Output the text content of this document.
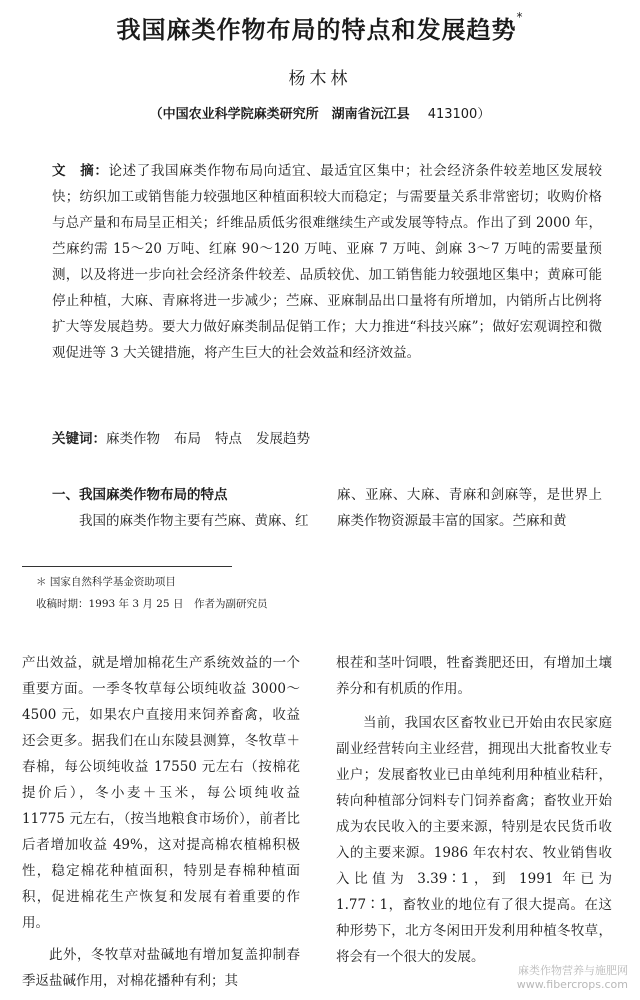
我国麻类作物布局的特点和发展趋势*
杨木林
（中国农业科学院麻类研究所　湖南省沅江县 413100）
文　摘：论述了我国麻类作物布局向适宜、最适宜区集中；社会经济条件较差地区发展较快；纺织加工或销售能力较强地区种植面积较大而稳定；与需要量关系非常密切；收购价格与总产量和布局呈正相关；纤维品质低劣很难继续生产或发展等特点。作出了到 2000 年，苎麻约需 15～20 万吨、红麻 90～120 万吨、亚麻 7 万吨、剑麻 3～7 万吨的需要量预测，以及将进一步向社会经济条件较差、品质较优、加工销售能力较强地区集中；黄麻可能停止种植，大麻、青麻将进一步减少；苎麻、亚麻制品出口量将有所增加，内销所占比例将扩大等发展趋势。要大力做好麻类制品促销工作；大力推进“科技兴麻”；做好宏观调控和微观促进等 3 大关键措施，将产生巨大的社会效益和经济效益。
关键词：麻类作物 布局 特点 发展趋势

一、我国麻类作物布局的特点

我国的麻类作物主要有苎麻、黄麻、红

麻、亚麻、大麻、青麻和剑麻等，是世界上麻类作物资源最丰富的国家。苎麻和黄

＊ 国家自然科学基金资助项目
收稿时期：1993 年 3 月 25 日　作者为副研究员

产出效益，就是增加棉花生产系统效益的一个重要方面。一季冬牧草每公顷纯收益 3000～4500 元，如果农户直接用来饲养畜禽，收益还会更多。据我们在山东陵县测算，冬牧草＋春棉，每公顷纯收益 17550 元左右（按棉花提价后），冬小麦＋玉米，每公顷纯收益 11775 元左右，（按当地粮食市场价），前者比后者增加收益 49%，这对提高棉农植棉积极性，稳定棉花种植面积，特别是春棉种植面积，促进棉花生产恢复和发展有着重要的作用。

此外，冬牧草对盐碱地有增加复盖抑制春季返盐碱作用，对棉花播种有利；其

根茬和茎叶饲喂，牲畜粪肥还田，有增加土壤养分和有机质的作用。

当前，我国农区畜牧业已开始由农民家庭副业经营转向主业经营，拥现出大批畜牧业专业户；发展畜牧业已由单纯利用种植业秸秆，转向种植部分饲料专门饲养畜禽；畜牧业开始成为农民收入的主要来源，特别是农民货币收入的主要来源。1986 年农村农、牧业销售收入比值为 3.39∶1，到 1991 年已为 1.77∶1，畜牧业的地位有了很大提高。在这种形势下，北方冬闲田开发利用种植冬牧草，将会有一个很大的发展。

麻类作物营养与施肥网
www.fibercrops.com
